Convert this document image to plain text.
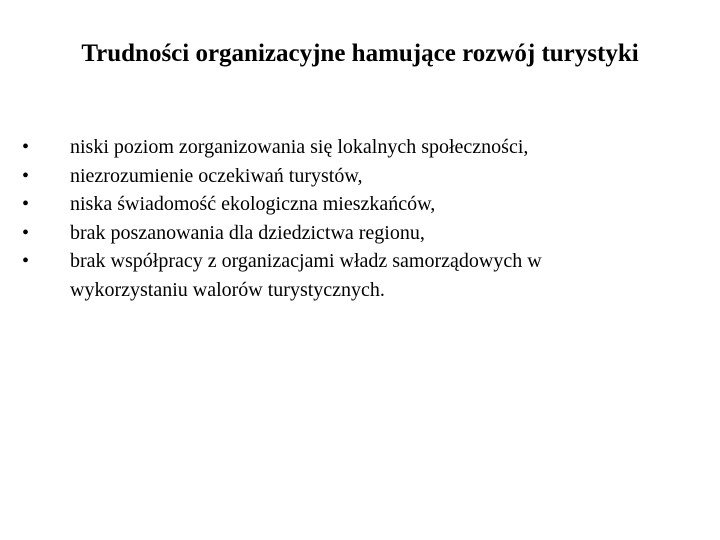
Trudności organizacyjne hamujące rozwój turystyki
•	niski poziom zorganizowania się lokalnych społeczności,
•	niezrozumienie oczekiwań turystów,
•	niska świadomość ekologiczna mieszkańców,
•	brak poszanowania dla dziedzictwa regionu,
•	brak współpracy z organizacjami władz samorządowych w wykorzystaniu walorów turystycznych.
